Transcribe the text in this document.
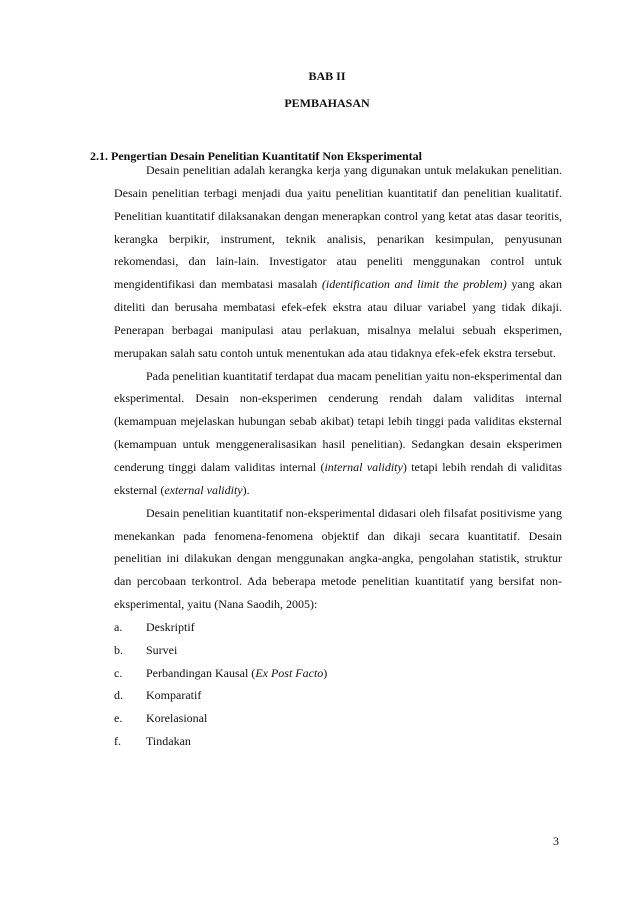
BAB II

PEMBAHASAN

2.1. Pengertian Desain Penelitian Kuantitatif Non Eksperimental

Desain penelitian adalah kerangka kerja yang digunakan untuk melakukan penelitian. Desain penelitian terbagi menjadi dua yaitu penelitian kuantitatif dan penelitian kualitatif. Penelitian kuantitatif dilaksanakan dengan menerapkan control yang ketat atas dasar teoritis, kerangka berpikir, instrument, teknik analisis, penarikan kesimpulan, penyusunan rekomendasi, dan lain-lain. Investigator atau peneliti menggunakan control untuk mengidentifikasi dan membatasi masalah (identification and limit the problem) yang akan diteliti dan berusaha membatasi efek-efek ekstra atau diluar variabel yang tidak dikaji. Penerapan berbagai manipulasi atau perlakuan, misalnya melalui sebuah eksperimen, merupakan salah satu contoh untuk menentukan ada atau tidaknya efek-efek ekstra tersebut.

Pada penelitian kuantitatif terdapat dua macam penelitian yaitu non-eksperimental dan eksperimental. Desain non-eksperimen cenderung rendah dalam validitas internal (kemampuan mejelaskan hubungan sebab akibat) tetapi lebih tinggi pada validitas eksternal (kemampuan untuk menggeneralisasikan hasil penelitian). Sedangkan desain eksperimen cenderung tinggi dalam validitas internal (internal validity) tetapi lebih rendah di validitas eksternal (external validity).

Desain penelitian kuantitatif non-eksperimental didasari oleh filsafat positivisme yang menekankan pada fenomena-fenomena objektif dan dikaji secara kuantitatif. Desain penelitian ini dilakukan dengan menggunakan angka-angka, pengolahan statistik, struktur dan percobaan terkontrol. Ada beberapa metode penelitian kuantitatif yang bersifat non-eksperimental, yaitu (Nana Saodih, 2005):

a.	Deskriptif
b.	Survei
c.	Perbandingan Kausal (Ex Post Facto)
d.	Komparatif
e.	Korelasional
f.	Tindakan

3
